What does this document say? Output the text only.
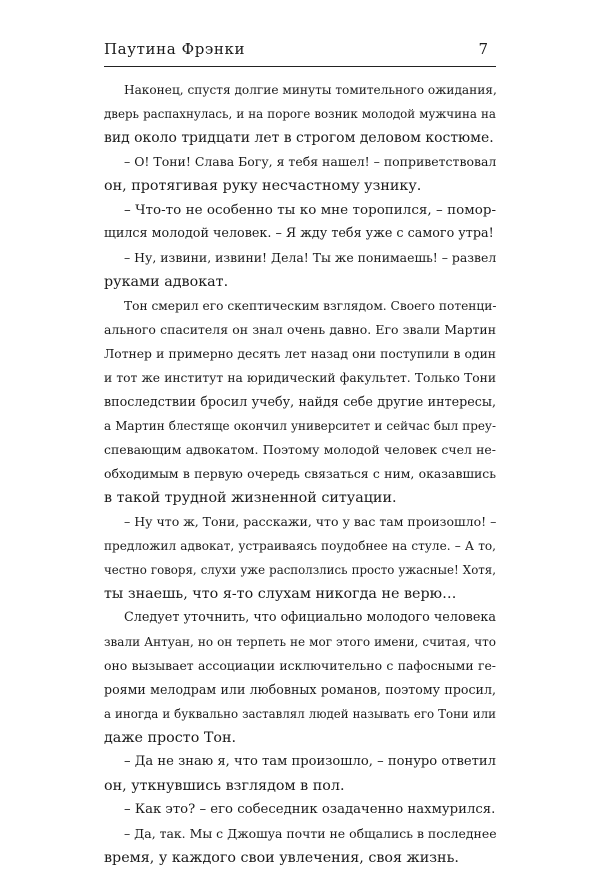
Паутина Фрэнки	7
Наконец, спустя долгие минуты томительного ожидания,
дверь распахнулась, и на пороге возник молодой мужчина на
вид около тридцати лет в строгом деловом костюме.
– О! Тони! Слава Богу, я тебя нашел! – поприветствовал
он, протягивая руку несчастному узнику.
– Что-то не особенно ты ко мне торопился, – помор-
щился молодой человек. – Я жду тебя уже с самого утра!
– Ну, извини, извини! Дела! Ты же понимаешь! – развел
руками адвокат.
Тон смерил его скептическим взглядом. Своего потенци-
ального спасителя он знал очень давно. Его звали Мартин
Лотнер и примерно десять лет назад они поступили в один
и тот же институт на юридический факультет. Только Тони
впоследствии бросил учебу, найдя себе другие интересы,
а Мартин блестяще окончил университет и сейчас был преу-
спевающим адвокатом. Поэтому молодой человек счел не-
обходимым в первую очередь связаться с ним, оказавшись
в такой трудной жизненной ситуации.
– Ну что ж, Тони, расскажи, что у вас там произошло! –
предложил адвокат, устраиваясь поудобнее на стуле. – А то,
честно говоря, слухи уже расползлись просто ужасные! Хотя,
ты знаешь, что я-то слухам никогда не верю…
Следует уточнить, что официально молодого человека
звали Антуан, но он терпеть не мог этого имени, считая, что
оно вызывает ассоциации исключительно с пафосными ге-
роями мелодрам или любовных романов, поэтому просил,
а иногда и буквально заставлял людей называть его Тони или
даже просто Тон.
– Да не знаю я, что там произошло, – понуро ответил
он, уткнувшись взглядом в пол.
– Как это? – его собеседник озадаченно нахмурился.
– Да, так. Мы с Джошуа почти не общались в последнее
время, у каждого свои увлечения, своя жизнь.
